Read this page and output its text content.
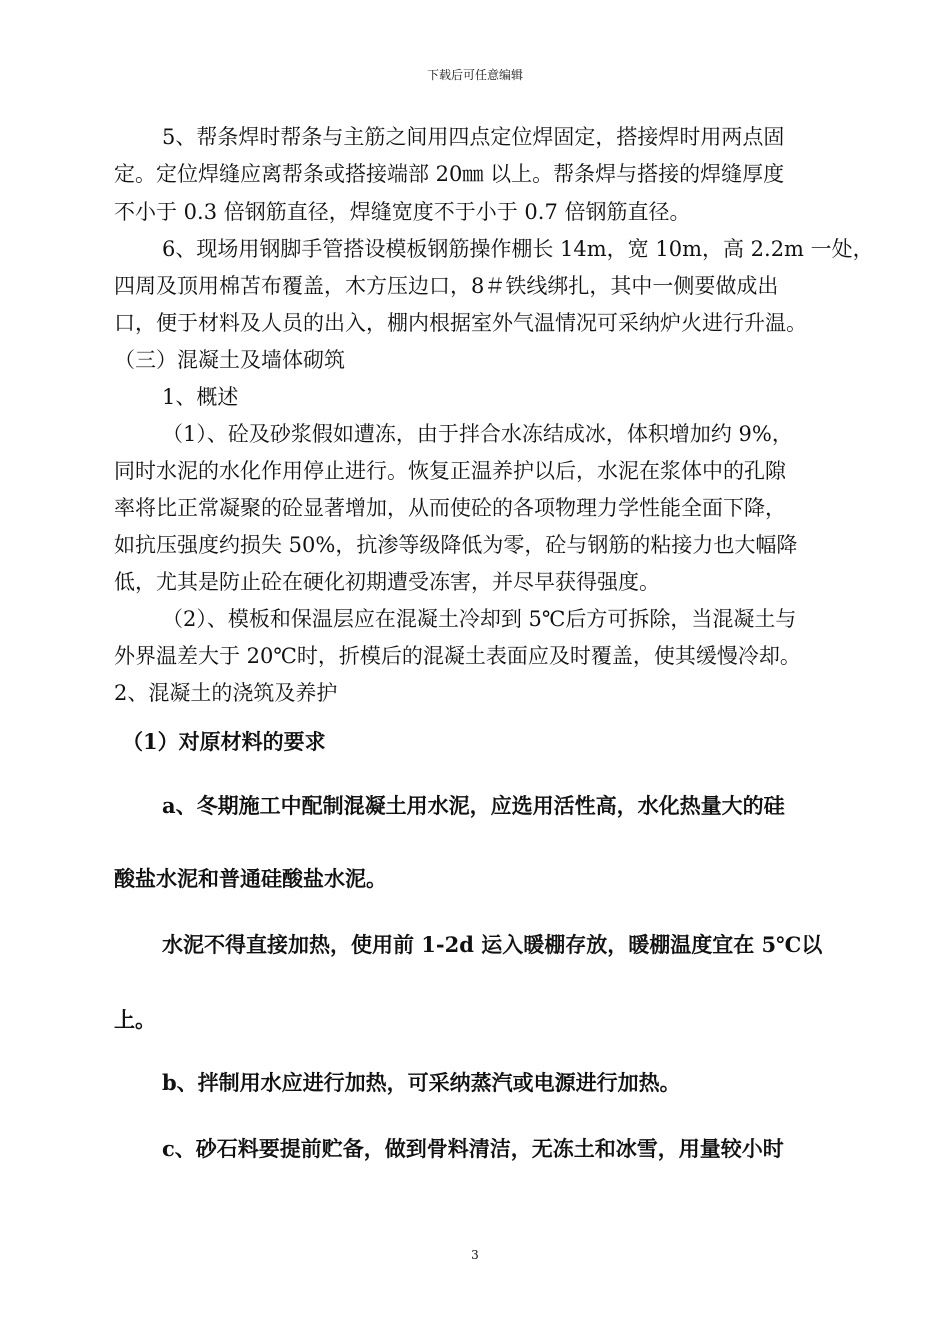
下载后可任意编辑
5、帮条焊时帮条与主筋之间用四点定位焊固定，搭接焊时用两点固
定。定位焊缝应离帮条或搭接端部 20㎜ 以上。帮条焊与搭接的焊缝厚度
不小于 0.3 倍钢筋直径，焊缝宽度不于小于 0.7 倍钢筋直径。
6、现场用钢脚手管搭设模板钢筋操作棚长 14m，宽 10m，高 2.2m 一处，
四周及顶用棉苫布覆盖，木方压边口，8＃铁线绑扎，其中一侧要做成出
口，便于材料及人员的出入，棚内根据室外气温情况可采纳炉火进行升温。
（三）混凝土及墙体砌筑
1、概述
（1）、砼及砂浆假如遭冻，由于拌合水冻结成冰，体积增加约 9%，
同时水泥的水化作用停止进行。恢复正温养护以后，水泥在浆体中的孔隙
率将比正常凝聚的砼显著增加，从而使砼的各项物理力学性能全面下降，
如抗压强度约损失 50%，抗渗等级降低为零，砼与钢筋的粘接力也大幅降
低，尤其是防止砼在硬化初期遭受冻害，并尽早获得强度。
（2）、模板和保温层应在混凝土冷却到 5℃后方可拆除，当混凝土与
外界温差大于 20℃时，折模后的混凝土表面应及时覆盖，使其缓慢冷却。
2、混凝土的浇筑及养护
（1）对原材料的要求
a、冬期施工中配制混凝土用水泥，应选用活性高，水化热量大的硅
酸盐水泥和普通硅酸盐水泥。
水泥不得直接加热，使用前 1-2d 运入暖棚存放，暖棚温度宜在 5℃以
上。
b、拌制用水应进行加热，可采纳蒸汽或电源进行加热。
c、砂石料要提前贮备，做到骨料清洁，无冻土和冰雪，用量较小时
3
